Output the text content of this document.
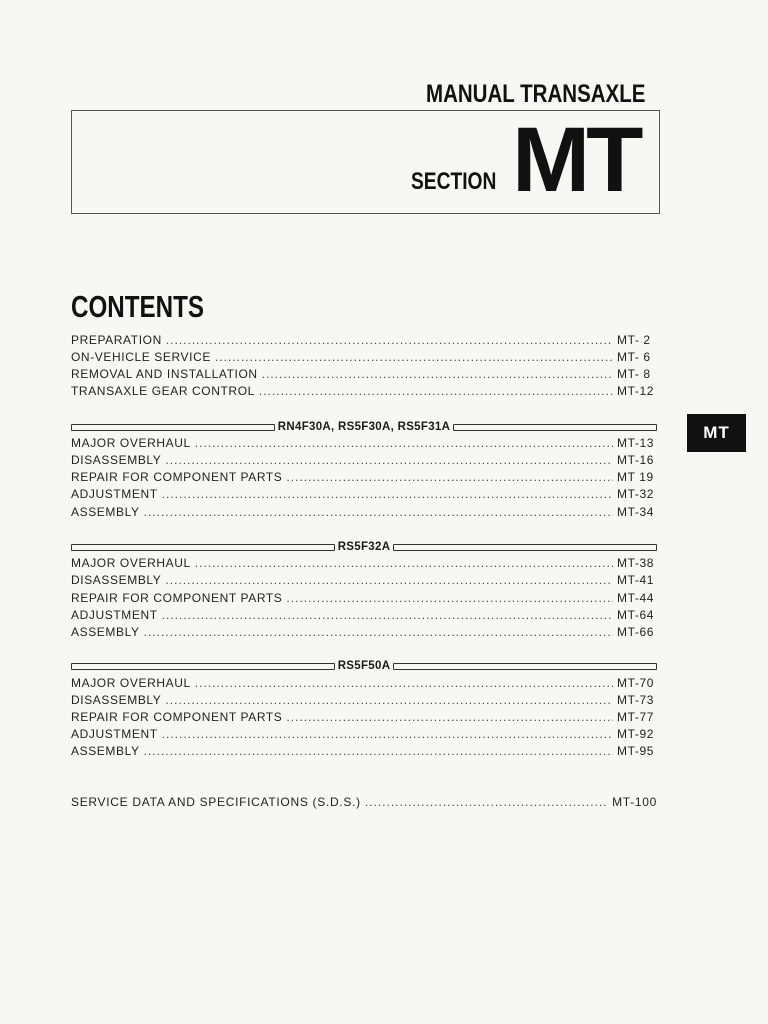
MANUAL TRANSAXLE
SECTION MT
CONTENTS
PREPARATION .....	MT- 2
ON-VEHICLE SERVICE .....	MT- 6
REMOVAL AND INSTALLATION .....	MT- 8
TRANSAXLE GEAR CONTROL .....	MT-12
RN4F30A, RS5F30A, RS5F31A
MAJOR OVERHAUL .....	MT-13
DISASSEMBLY .....	MT-16
REPAIR FOR COMPONENT PARTS .....	MT 19
ADJUSTMENT .....	MT-32
ASSEMBLY .....	MT-34
RS5F32A
MAJOR OVERHAUL .....	MT-38
DISASSEMBLY .....	MT-41
REPAIR FOR COMPONENT PARTS .....	MT-44
ADJUSTMENT .....	MT-64
ASSEMBLY .....	MT-66
RS5F50A
MAJOR OVERHAUL .....	MT-70
DISASSEMBLY .....	MT-73
REPAIR FOR COMPONENT PARTS .....	MT-77
ADJUSTMENT .....	MT-92
ASSEMBLY .....	MT-95
SERVICE DATA AND SPECIFICATIONS (S.D.S.) .....	MT-100
MT
